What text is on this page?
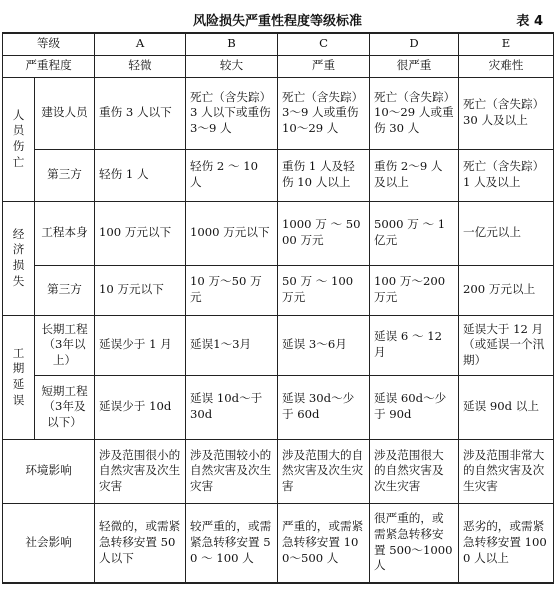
风险损失严重性程度等级标准	表 4
等级		A	B	C	D	E
严重程度		轻微	较大	严重	很严重	灾难性
人员伤亡	建设人员	重伤 3 人以下	死亡（含失踪）3 人以下或重伤 3～9 人	死亡（含失踪）3～9 人或重伤 10～29 人	死亡（含失踪）10～29 人或重伤 30 人	死亡（含失踪）30 人及以上
	第三方	轻伤 1 人	轻伤 2 ～ 10 人	重伤 1 人及轻伤 10 人以上	重伤 2～9 人及以上	死亡（含失踪）1 人及以上
经济损失	工程本身	100 万元以下	1000 万元以下	1000 万 ～ 5000 万元	5000 万 ～ 1 亿元	一亿元以上
	第三方	10 万元以下	10 万～50 万元	50 万 ～ 100 万元	100 万～200 万元	200 万元以上
工期延误	长期工程（3年以上）	延误少于 1 月	延误1～3月	延误 3～6月	延误 6 ～ 12 月	延误大于 12 月（或延误一个汛期）
	短期工程（3年及以下）	延误少于 10d	延误 10d～于 30d	延误 30d～少于 60d	延误 60d～少于 90d	延误 90d 以上
环境影响		涉及范围很小的自然灾害及次生灾害	涉及范围较小的自然灾害及次生灾害	涉及范围大的自然灾害及次生灾害	涉及范围很大的自然灾害及次生灾害	涉及范围非常大的自然灾害及次生灾害
社会影响		轻微的，或需紧急转移安置 50 人以下	较严重的，或需紧急转移安置 50 ～ 100 人	严重的，或需紧急转移安置 100～500 人	很严重的，或需紧急转移安置 500～1000 人	恶劣的，或需紧急转移安置 1000 人以上
